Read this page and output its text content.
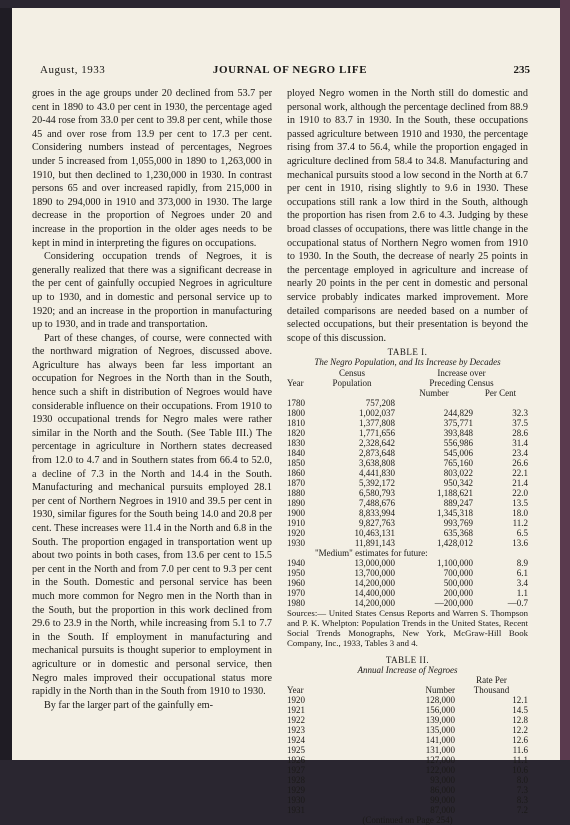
August, 1933	JOURNAL OF NEGRO LIFE	235

groes in the age groups under 20 declined from 53.7 per cent in 1890 to 43.0 per cent in 1930, the percentage aged 20-44 rose from 33.0 per cent to 39.8 per cent, while those 45 and over rose from 13.9 per cent to 17.3 per cent. Considering numbers instead of percentages, Negroes under 5 increased from 1,055,000 in 1890 to 1,263,000 in 1910, but then declined to 1,230,000 in 1930. In contrast persons 65 and over increased rapidly, from 215,000 in 1890 to 294,000 in 1910 and 373,000 in 1930. The large decrease in the proportion of Negroes under 20 and increase in the proportion in the older ages needs to be kept in mind in interpreting the figures on occupations.

Considering occupation trends of Negroes, it is generally realized that there was a significant decrease in the per cent of gainfully occupied Negroes in agriculture up to 1930, and in domestic and personal service up to 1920; and an increase in the proportion in manufacturing up to 1930, and in trade and transportation.

Part of these changes, of course, were connected with the northward migration of Negroes, discussed above. Agriculture has always been far less important an occupation for Negroes in the North than in the South, hence such a shift in distribution of Negroes would have considerable influence on their occupations. From 1910 to 1930 occupational trends for Negro males were rather similar in the North and the South. (See Table III.) The percentage in agriculture in Northern states decreased from 12.0 to 4.7 and in Southern states from 66.4 to 52.0, a decline of 7.3 in the North and 14.4 in the South. Manufacturing and mechanical pursuits employed 28.1 per cent of Northern Negroes in 1910 and 39.5 per cent in 1930, similar figures for the South being 14.0 and 20.8 per cent. These increases were 11.4 in the North and 6.8 in the South. The proportion engaged in transportation went up about two points in both cases, from 13.6 per cent to 15.5 per cent in the North and from 7.0 per cent to 9.3 per cent in the South. Domestic and personal service has been much more common for Negro men in the North than in the South, but the proportion in this work declined from 29.6 to 23.9 in the North, while increasing from 5.1 to 7.7 in the South. If employment in manufacturing and mechanical pursuits is thought superior to employment in agriculture or in domestic and personal service, then Negro males improved their occupational status more rapidly in the North than in the South from 1910 to 1930.

By far the larger part of the gainfully em-

ployed Negro women in the North still do domestic and personal work, although the percentage declined from 88.9 in 1910 to 83.7 in 1930. In the South, these occupations passed agriculture between 1910 and 1930, the percentage rising from 37.4 to 56.4, while the proportion engaged in agriculture declined from 58.4 to 34.8. Manufacturing and mechanical pursuits stood a low second in the North at 6.7 per cent in 1910, rising slightly to 9.6 in 1930. These occupations still rank a low third in the South, although the proportion has risen from 2.6 to 4.3. Judging by these broad classes of occupations, there was little change in the occupational status of Northern Negro women from 1910 to 1930. In the South, the decrease of nearly 25 points in the percentage employed in agriculture and increase of nearly 20 points in the per cent in domestic and personal service probably indicates marked improvement. More detailed comparisons are needed based on a number of selected occupations, but their presentation is beyond the scope of this discussion.

TABLE I.
The Negro Population, and Its Increase by Decades
	Census	Increase over	
Year	Population	Preceding Census	
		Number	Per Cent
1780	757,208		
1800	1,002,037	244,829	32.3
1810	1,377,808	375,771	37.5
1820	1,771,656	393,848	28.6
1830	2,328,642	556,986	31.4
1840	2,873,648	545,006	23.4
1850	3,638,808	765,160	26.6
1860	4,441,830	803,022	22.1
1870	5,392,172	950,342	21.4
1880	6,580,793	1,188,621	22.0
1890	7,488,676	889,247	13.5
1900	8,833,994	1,345,318	18.0
1910	9,827,763	993,769	11.2
1920	10,463,131	635,368	6.5
1930	11,891,143	1,428,012	13.6
"Medium" estimates for future:			
1940	13,000,000	1,100,000	8.9
1950	13,700,000	700,000	6.1
1960	14,200,000	500,000	3.4
1970	14,400,000	200,000	1.1
1980	14,200,000	—200,000	—0.7
Sources:— United States Census Reports and Warren S. Thompson and P. K. Whelpton: Population Trends in the United States, Recent Social Trends Monographs, New York, McGraw-Hill Book Company, Inc., 1933, Tables 3 and 4.
TABLE II.
Annual Increase of Negroes
		Rate Per
Year	Number	Thousand
1920	128,000	12.1
1921	156,000	14.5
1922	139,000	12.8
1923	135,000	12.2
1924	141,000	12.6
1925	131,000	11.6
1926	127,000	11.1
1927	122,000	10.6
1928	93,000	8.0
1929	86,000	7.3
1930	99,000	8.3
1931	87,000	7.2
(Continued on Page 254)
